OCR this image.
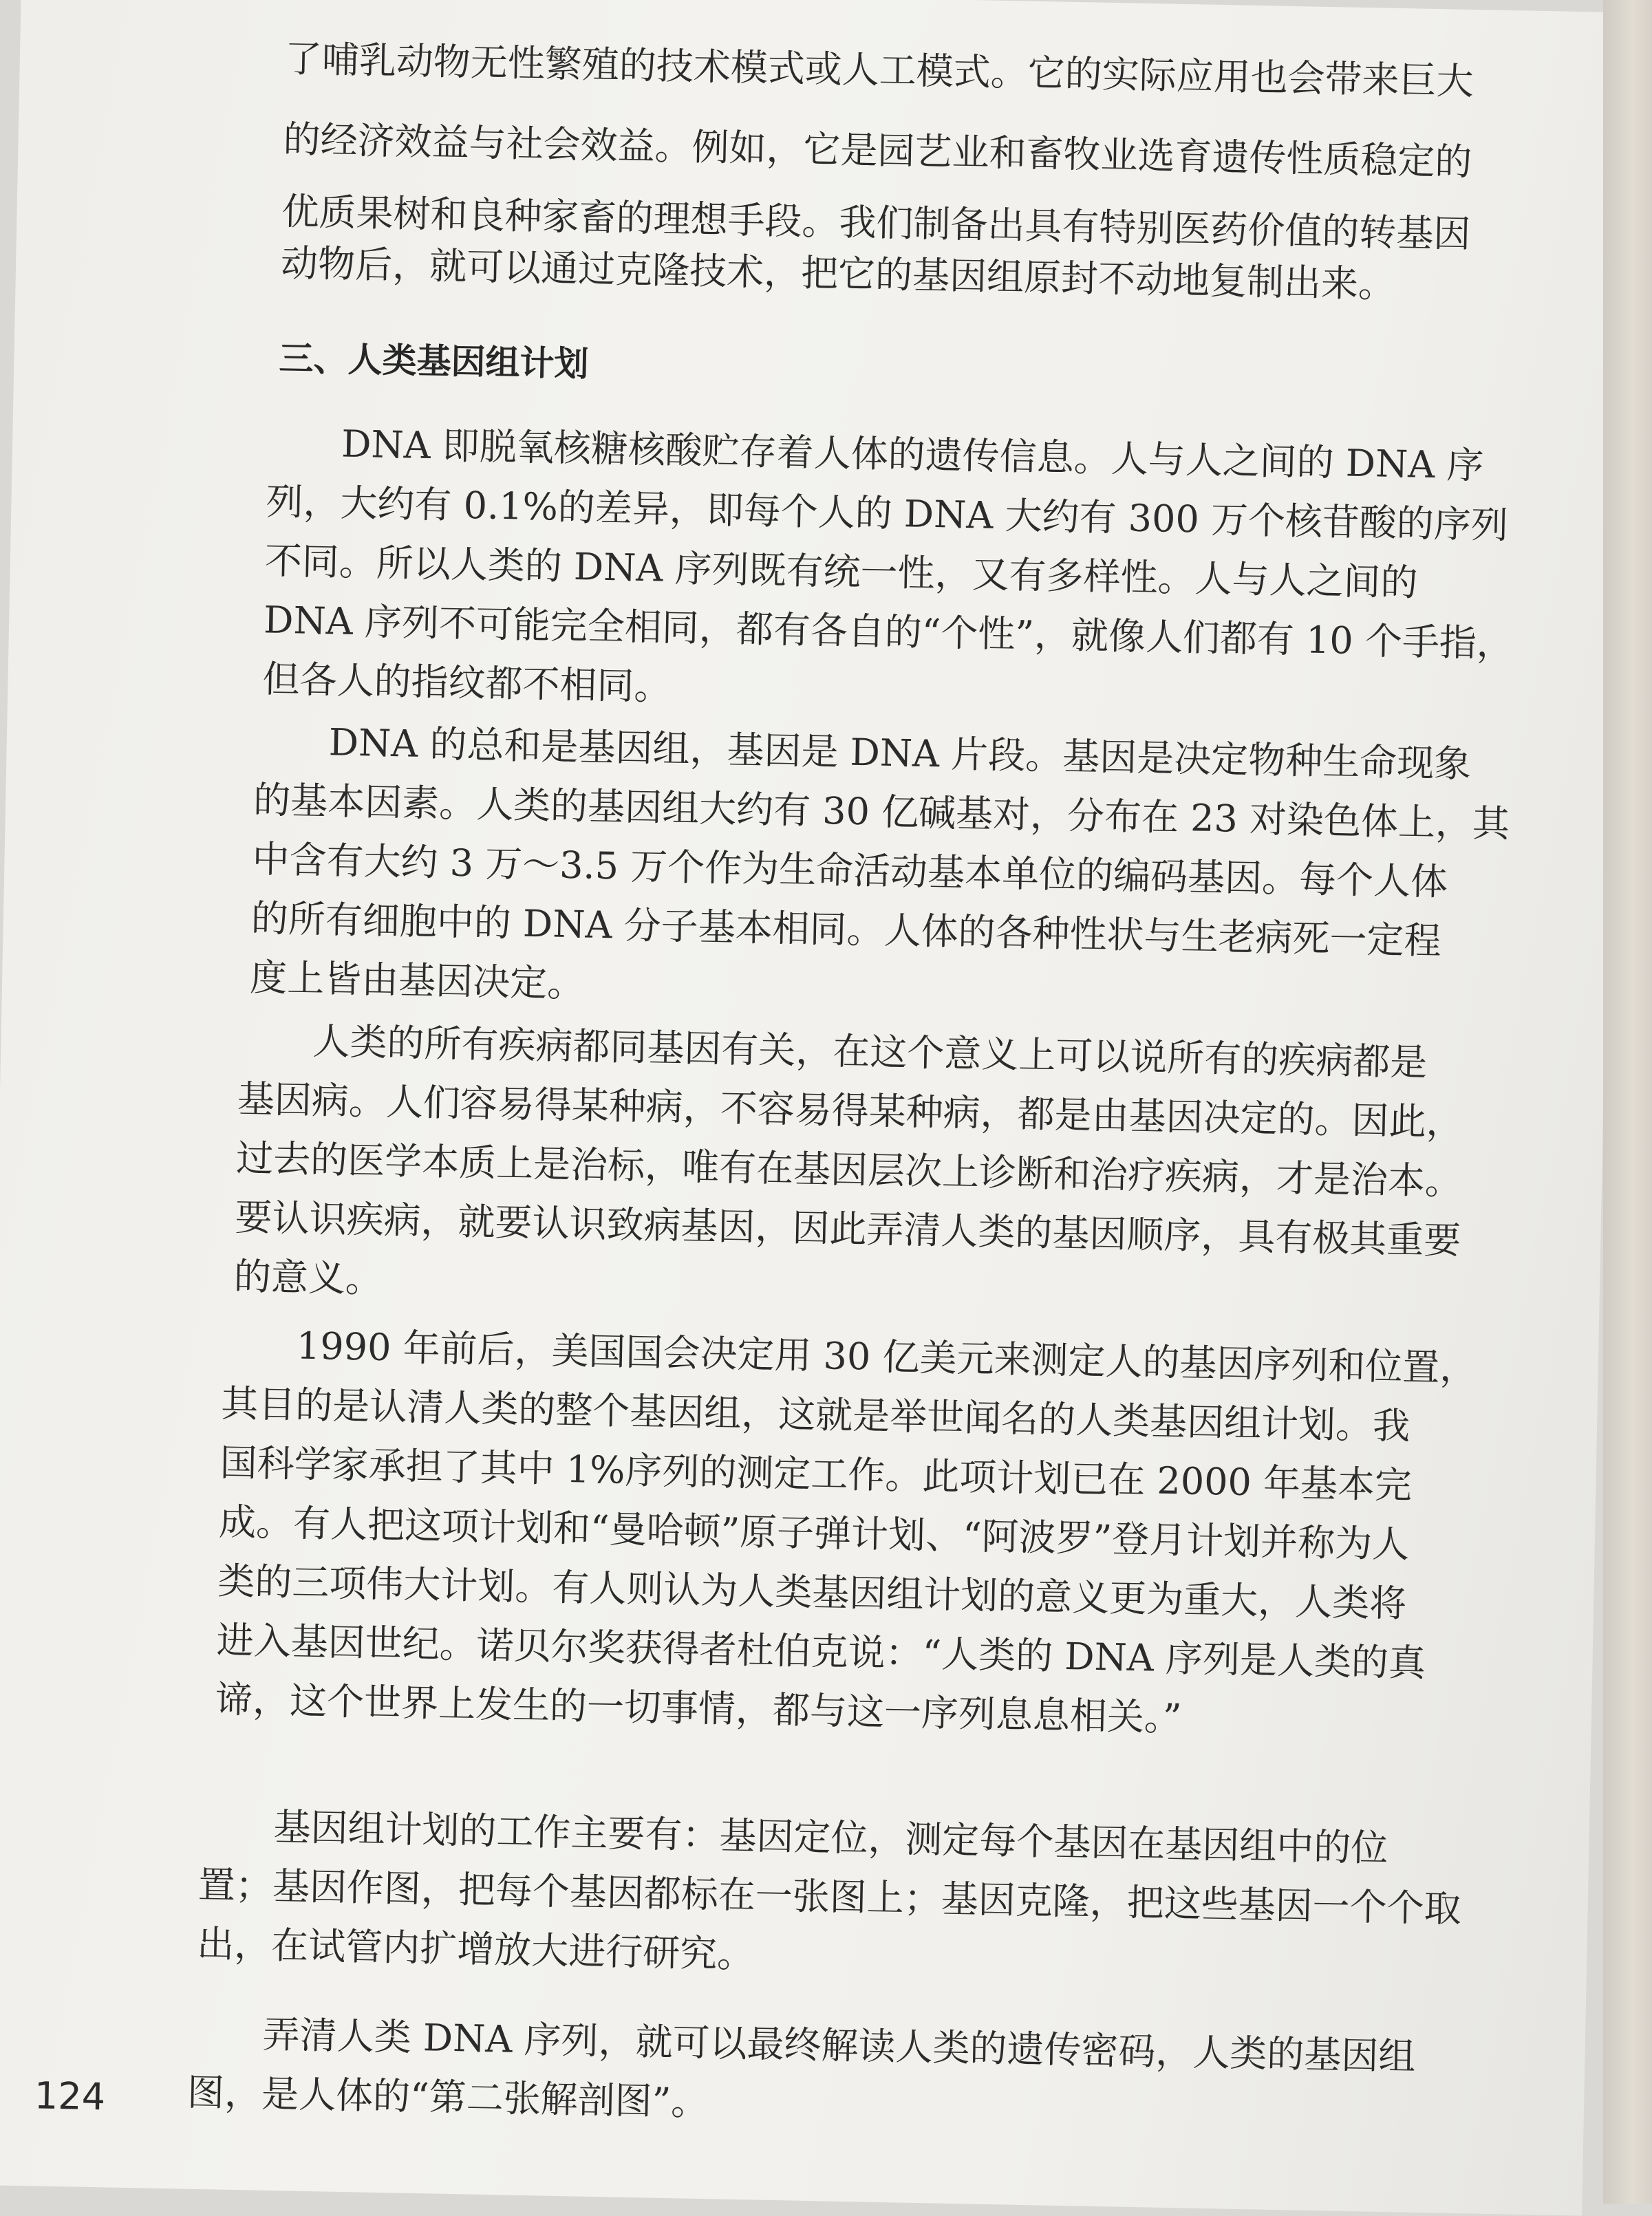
了哺乳动物无性繁殖的技术模式或人工模式。它的实际应用也会带来巨大
的经济效益与社会效益。例如，它是园艺业和畜牧业选育遗传性质稳定的
优质果树和良种家畜的理想手段。我们制备出具有特别医药价值的转基因
动物后，就可以通过克隆技术，把它的基因组原封不动地复制出来。
三、人类基因组计划
　　DNA 即脱氧核糖核酸贮存着人体的遗传信息。人与人之间的 DNA 序
列，大约有 0.1%的差异，即每个人的 DNA 大约有 300 万个核苷酸的序列
不同。所以人类的 DNA 序列既有统一性，又有多样性。人与人之间的
DNA 序列不可能完全相同，都有各自的“个性”，就像人们都有 10 个手指，
但各人的指纹都不相同。
　　DNA 的总和是基因组，基因是 DNA 片段。基因是决定物种生命现象
的基本因素。人类的基因组大约有 30 亿碱基对，分布在 23 对染色体上，其
中含有大约 3 万～3.5 万个作为生命活动基本单位的编码基因。每个人体
的所有细胞中的 DNA 分子基本相同。人体的各种性状与生老病死一定程
度上皆由基因决定。
　　人类的所有疾病都同基因有关，在这个意义上可以说所有的疾病都是
基因病。人们容易得某种病，不容易得某种病，都是由基因决定的。因此，
过去的医学本质上是治标，唯有在基因层次上诊断和治疗疾病，才是治本。
要认识疾病，就要认识致病基因，因此弄清人类的基因顺序，具有极其重要
的意义。
　　1990 年前后，美国国会决定用 30 亿美元来测定人的基因序列和位置，
其目的是认清人类的整个基因组，这就是举世闻名的人类基因组计划。我
国科学家承担了其中 1%序列的测定工作。此项计划已在 2000 年基本完
成。有人把这项计划和“曼哈顿”原子弹计划、“阿波罗”登月计划并称为人
类的三项伟大计划。有人则认为人类基因组计划的意义更为重大，人类将
进入基因世纪。诺贝尔奖获得者杜伯克说：“人类的 DNA 序列是人类的真
谛，这个世界上发生的一切事情，都与这一序列息息相关。”
　　基因组计划的工作主要有：基因定位，测定每个基因在基因组中的位
置；基因作图，把每个基因都标在一张图上；基因克隆，把这些基因一个个取
出，在试管内扩增放大进行研究。
　　弄清人类 DNA 序列，就可以最终解读人类的遗传密码，人类的基因组
图，是人体的“第二张解剖图”。
124
